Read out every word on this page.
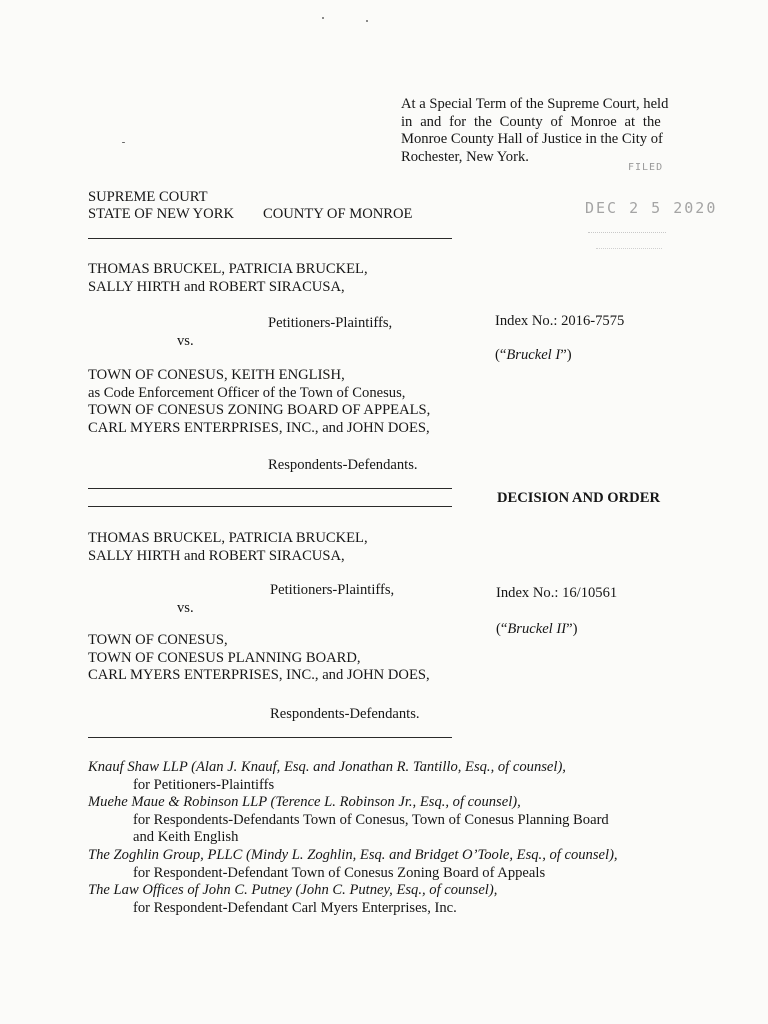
At a Special Term of the Supreme Court, held
in and for the County of Monroe at the
Monroe County Hall of Justice in the City of
Rochester, New York.
FILED
DEC 2 5 2020
SUPREME COURT
STATE OF NEW YORK COUNTY OF MONROE
THOMAS BRUCKEL, PATRICIA BRUCKEL,
SALLY HIRTH and ROBERT SIRACUSA,
Petitioners-Plaintiffs,	Index No.: 2016-7575
vs.
(“Bruckel I”)
TOWN OF CONESUS, KEITH ENGLISH,
as Code Enforcement Officer of the Town of Conesus,
TOWN OF CONESUS ZONING BOARD OF APPEALS,
CARL MYERS ENTERPRISES, INC., and JOHN DOES,
Respondents-Defendants.
DECISION AND ORDER
THOMAS BRUCKEL, PATRICIA BRUCKEL,
SALLY HIRTH and ROBERT SIRACUSA,
Petitioners-Plaintiffs,	Index No.: 16/10561
vs.
(“Bruckel II”)
TOWN OF CONESUS,
TOWN OF CONESUS PLANNING BOARD,
CARL MYERS ENTERPRISES, INC., and JOHN DOES,
Respondents-Defendants.
Knauf Shaw LLP (Alan J. Knauf, Esq. and Jonathan R. Tantillo, Esq., of counsel),
for Petitioners-Plaintiffs
Muehe Maue & Robinson LLP (Terence L. Robinson Jr., Esq., of counsel),
for Respondents-Defendants Town of Conesus, Town of Conesus Planning Board
and Keith English
The Zoghlin Group, PLLC (Mindy L. Zoghlin, Esq. and Bridget O’Toole, Esq., of counsel),
for Respondent-Defendant Town of Conesus Zoning Board of Appeals
The Law Offices of John C. Putney (John C. Putney, Esq., of counsel),
for Respondent-Defendant Carl Myers Enterprises, Inc.
